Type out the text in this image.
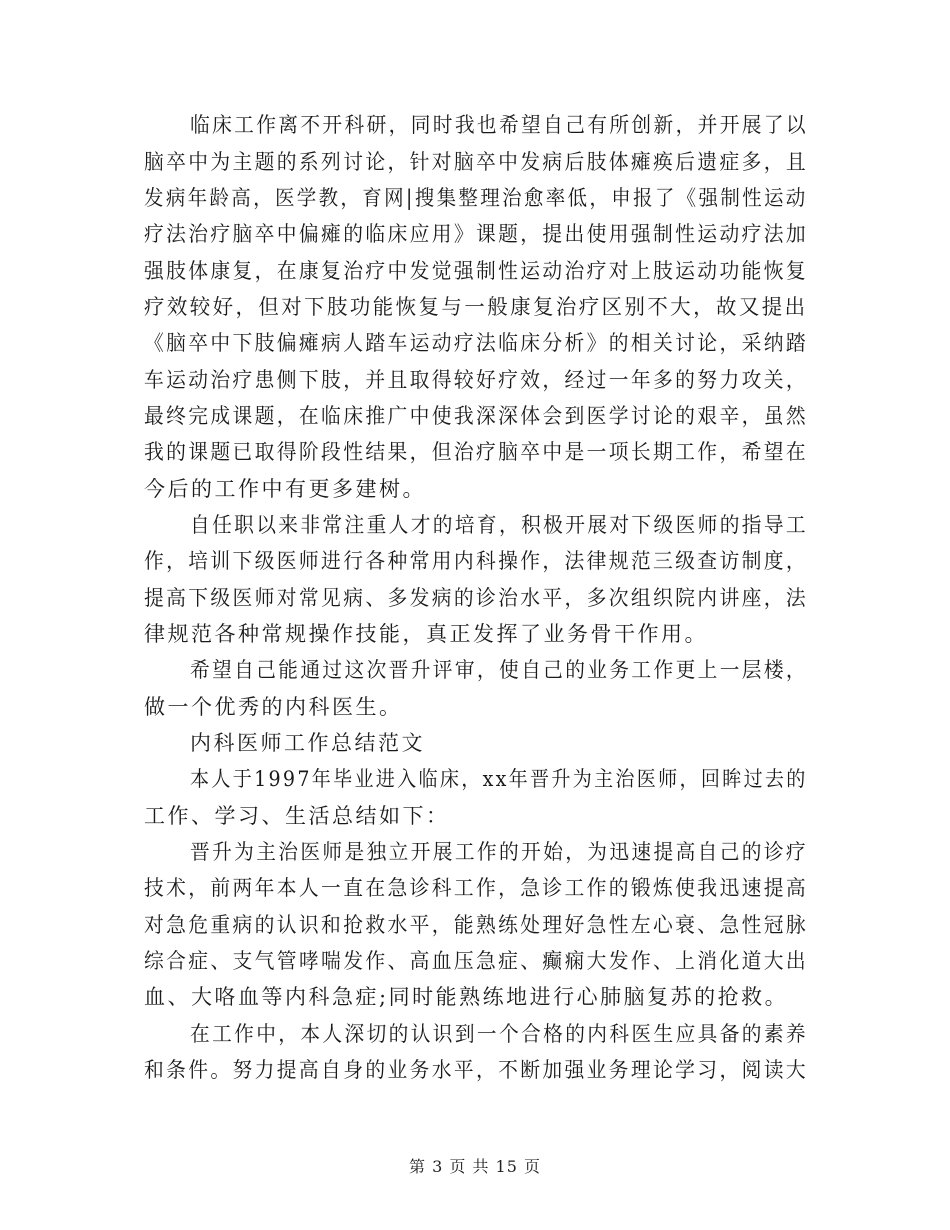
临床工作离不开科研，同时我也希望自己有所创新，并开展了以
脑卒中为主题的系列讨论，针对脑卒中发病后肢体瘫痪后遗症多，且
发病年龄高，医学教，育网|搜集整理治愈率低，申报了《强制性运动
疗法治疗脑卒中偏瘫的临床应用》课题，提出使用强制性运动疗法加
强肢体康复，在康复治疗中发觉强制性运动治疗对上肢运动功能恢复
疗效较好，但对下肢功能恢复与一般康复治疗区别不大，故又提出
《脑卒中下肢偏瘫病人踏车运动疗法临床分析》的相关讨论，采纳踏
车运动治疗患侧下肢，并且取得较好疗效，经过一年多的努力攻关，
最终完成课题，在临床推广中使我深深体会到医学讨论的艰辛，虽然
我的课题已取得阶段性结果，但治疗脑卒中是一项长期工作，希望在
今后的工作中有更多建树。
自任职以来非常注重人才的培育，积极开展对下级医师的指导工
作，培训下级医师进行各种常用内科操作，法律规范三级查访制度，
提高下级医师对常见病、多发病的诊治水平，多次组织院内讲座，法
律规范各种常规操作技能，真正发挥了业务骨干作用。
希望自己能通过这次晋升评审，使自己的业务工作更上一层楼，
做一个优秀的内科医生。
内科医师工作总结范文
本人于1997年毕业进入临床，xx年晋升为主治医师，回眸过去的
工作、学习、生活总结如下：
晋升为主治医师是独立开展工作的开始，为迅速提高自己的诊疗
技术，前两年本人一直在急诊科工作，急诊工作的锻炼使我迅速提高
对急危重病的认识和抢救水平，能熟练处理好急性左心衰、急性冠脉
综合症、支气管哮喘发作、高血压急症、癫痫大发作、上消化道大出
血、大咯血等内科急症;同时能熟练地进行心肺脑复苏的抢救。
在工作中，本人深切的认识到一个合格的内科医生应具备的素养
和条件。努力提高自身的业务水平，不断加强业务理论学习，阅读大
第 3 页 共 15 页
